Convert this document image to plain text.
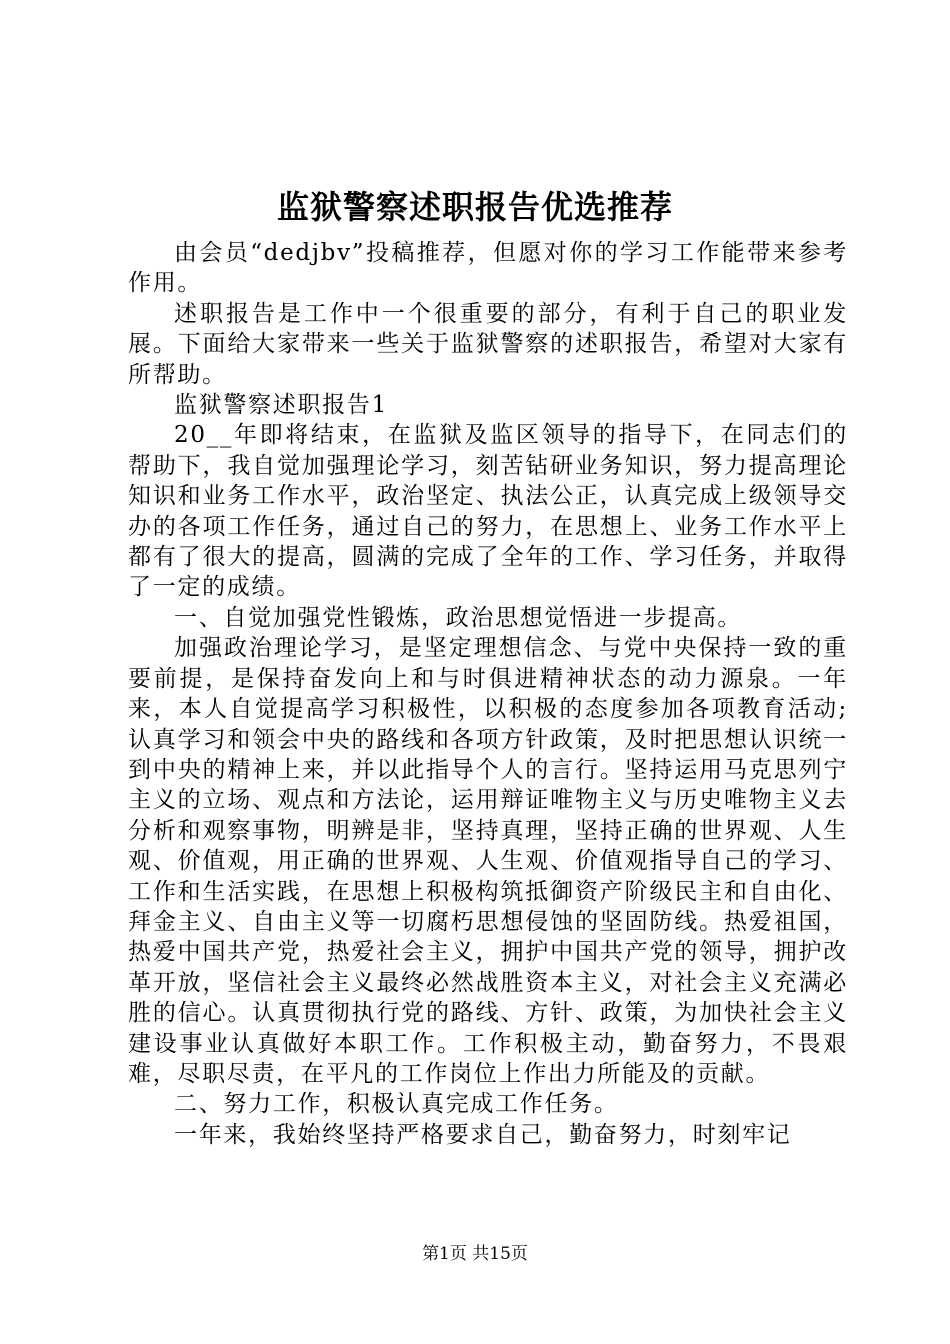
监狱警察述职报告优选推荐

由会员“dedjbv”投稿推荐，但愿对你的学习工作能带来参考作用。

述职报告是工作中一个很重要的部分，有利于自己的职业发展。下面给大家带来一些关于监狱警察的述职报告，希望对大家有所帮助。

监狱警察述职报告1

20__年即将结束，在监狱及监区领导的指导下，在同志们的帮助下，我自觉加强理论学习，刻苦钻研业务知识，努力提高理论知识和业务工作水平，政治坚定、执法公正，认真完成上级领导交办的各项工作任务，通过自己的努力，在思想上、业务工作水平上都有了很大的提高，圆满的完成了全年的工作、学习任务，并取得了一定的成绩。

一、自觉加强党性锻炼，政治思想觉悟进一步提高。

加强政治理论学习，是坚定理想信念、与党中央保持一致的重要前提，是保持奋发向上和与时俱进精神状态的动力源泉。一年来，本人自觉提高学习积极性，以积极的态度参加各项教育活动;认真学习和领会中央的路线和各项方针政策，及时把思想认识统一到中央的精神上来，并以此指导个人的言行。坚持运用马克思列宁主义的立场、观点和方法论，运用辩证唯物主义与历史唯物主义去分析和观察事物，明辨是非，坚持真理，坚持正确的世界观、人生观、价值观，用正确的世界观、人生观、价值观指导自己的学习、工作和生活实践，在思想上积极构筑抵御资产阶级民主和自由化、拜金主义、自由主义等一切腐朽思想侵蚀的坚固防线。热爱祖国，热爱中国共产党，热爱社会主义，拥护中国共产党的领导，拥护改革开放，坚信社会主义最终必然战胜资本主义，对社会主义充满必胜的信心。认真贯彻执行党的路线、方针、政策，为加快社会主义建设事业认真做好本职工作。工作积极主动，勤奋努力，不畏艰难，尽职尽责，在平凡的工作岗位上作出力所能及的贡献。

二、努力工作，积极认真完成工作任务。

一年来，我始终坚持严格要求自己，勤奋努力，时刻牢记

第1页 共15页
